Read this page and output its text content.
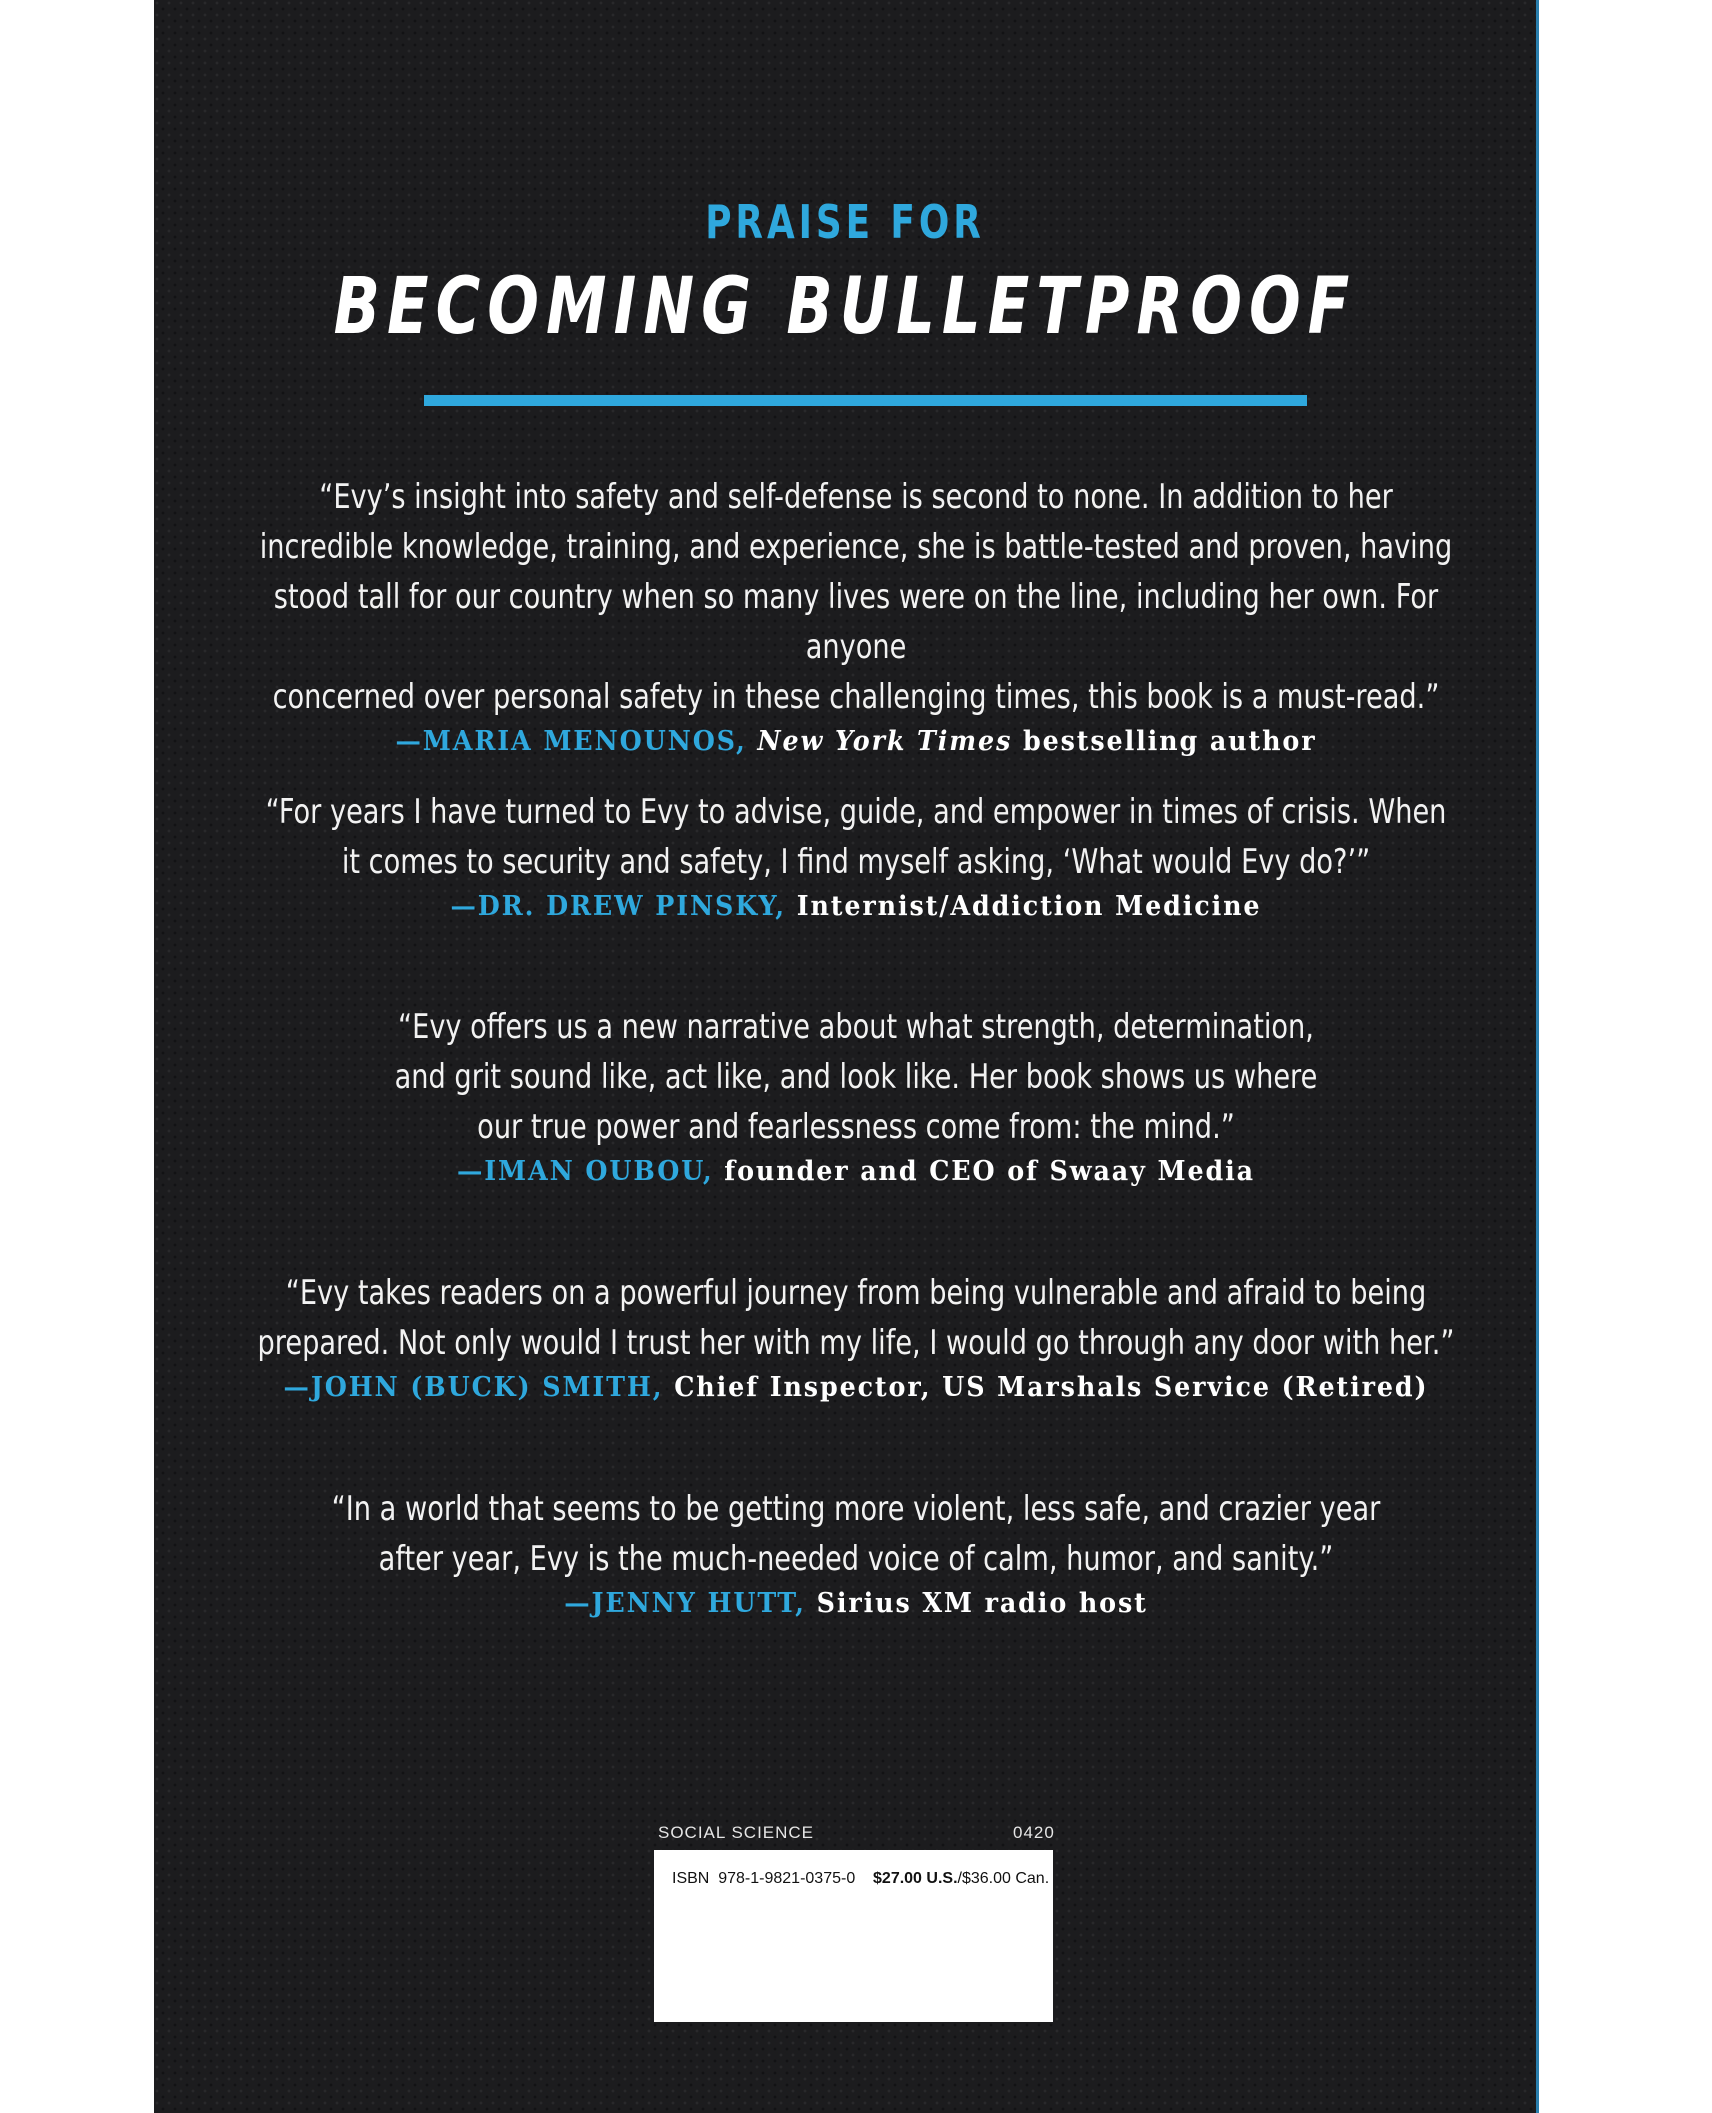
PRAISE FOR
BECOMING BULLETPROOF
“Evy’s insight into safety and self-defense is second to none. In addition to her
incredible knowledge, training, and experience, she is battle-tested and proven, having
stood tall for our country when so many lives were on the line, including her own. For anyone
concerned over personal safety in these challenging times, this book is a must-read.”
—MARIA MENOUNOS, New York Times bestselling author
“For years I have turned to Evy to advise, guide, and empower in times of crisis. When
it comes to security and safety, I find myself asking, ‘What would Evy do?’”
—DR. DREW PINSKY, Internist/Addiction Medicine
“Evy offers us a new narrative about what strength, determination,
and grit sound like, act like, and look like. Her book shows us where
our true power and fearlessness come from: the mind.”
—IMAN OUBOU, founder and CEO of Swaay Media
“Evy takes readers on a powerful journey from being vulnerable and afraid to being
prepared. Not only would I trust her with my life, I would go through any door with her.”
—JOHN (BUCK) SMITH, Chief Inspector, US Marshals Service (Retired)
“In a world that seems to be getting more violent, less safe, and crazier year
after year, Evy is the much-needed voice of calm, humor, and sanity.”
—JENNY HUTT, Sirius XM radio host
SOCIAL SCIENCE	0420
ISBN 978-1-9821-0375-0 $27.00 U.S./$36.00 Can.
